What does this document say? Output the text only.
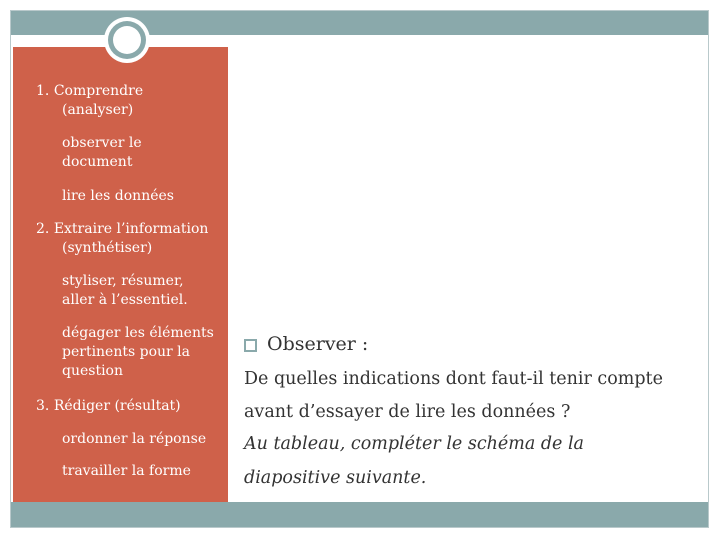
1. Comprendre
(analyser)
observer le
document
lire les données
2. Extraire l’information
(synthétiser)
styliser, résumer,
aller à l’essentiel.
dégager les éléments
pertinents pour la
question
3. Rédiger (résultat)
ordonner la réponse
travailler la forme
Observer :
De quelles indications dont faut-il tenir compte
avant d’essayer de lire les données ?
Au tableau, compléter le schéma de la
diapositive suivante.
